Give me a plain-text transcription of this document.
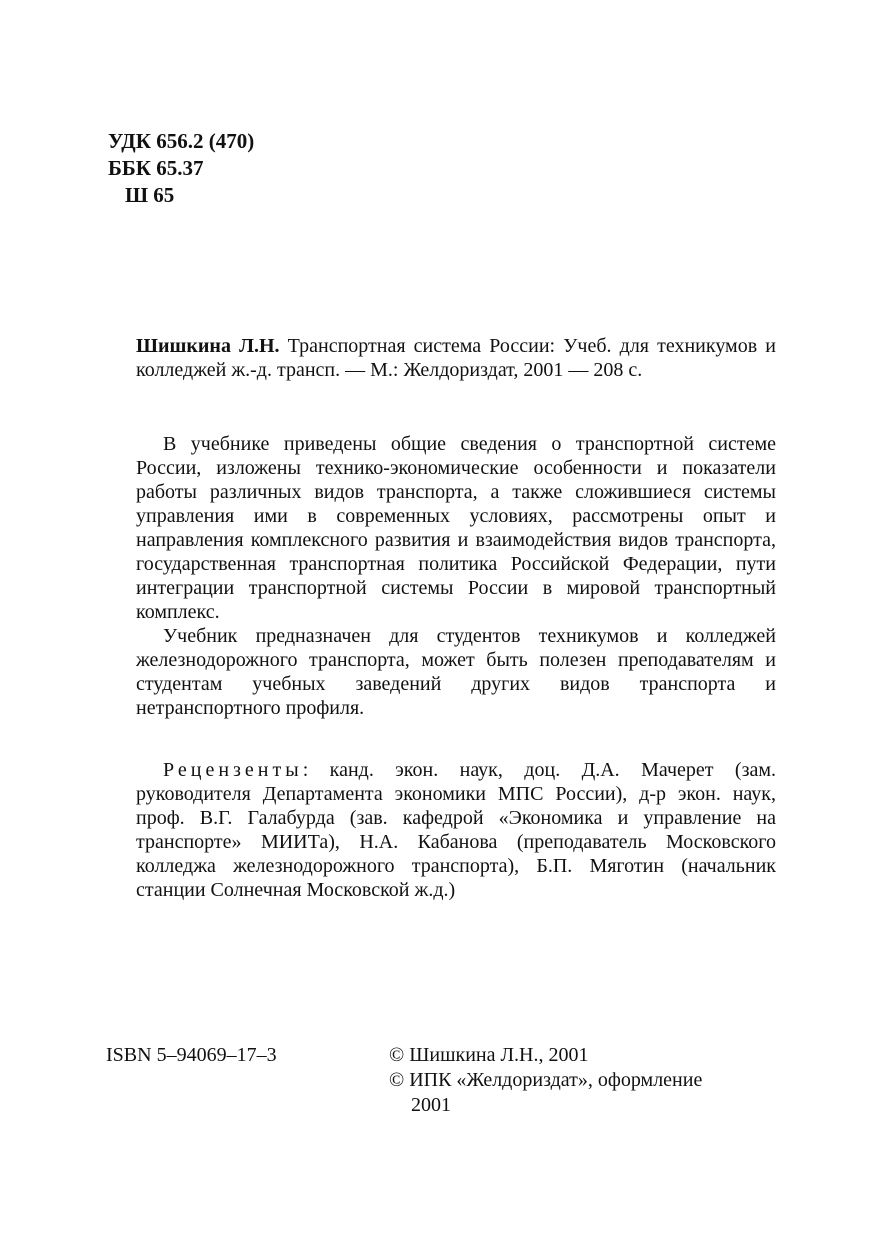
УДК 656.2 (470)
ББК 65.37
Ш 65
Шишкина Л.Н. Транспортная система России: Учеб. для техникумов и колледжей ж.-д. трансп. — М.: Желдориздат, 2001 — 208 с.

В учебнике приведены общие сведения о транспортной системе России, изложены технико-экономические особенности и показатели работы различных видов транспорта, а также сложившиеся системы управления ими в современных условиях, рассмотрены опыт и направления комплексного развития и взаимодействия видов транспорта, государственная транспортная политика Российской Федерации, пути интеграции транспортной системы России в мировой транспортный комплекс.

Учебник предназначен для студентов техникумов и колледжей железнодорожного транспорта, может быть полезен преподавателям и студентам учебных заведений других видов транспорта и нетранспортного профиля.

Рецензенты: канд. экон. наук, доц. Д.А. Мачерет (зам. руководителя Департамента экономики МПС России), д-р экон. наук, проф. В.Г. Галабурда (зав. кафедрой «Экономика и управление на транспорте» МИИТа), Н.А. Кабанова (преподаватель Московского колледжа железнодорожного транспорта), Б.П. Мяготин (начальник станции Солнечная Московской ж.д.)

ISBN 5–94069–17–3	© Шишкина Л.Н., 2001
© ИПК «Желдориздат», оформление
2001
